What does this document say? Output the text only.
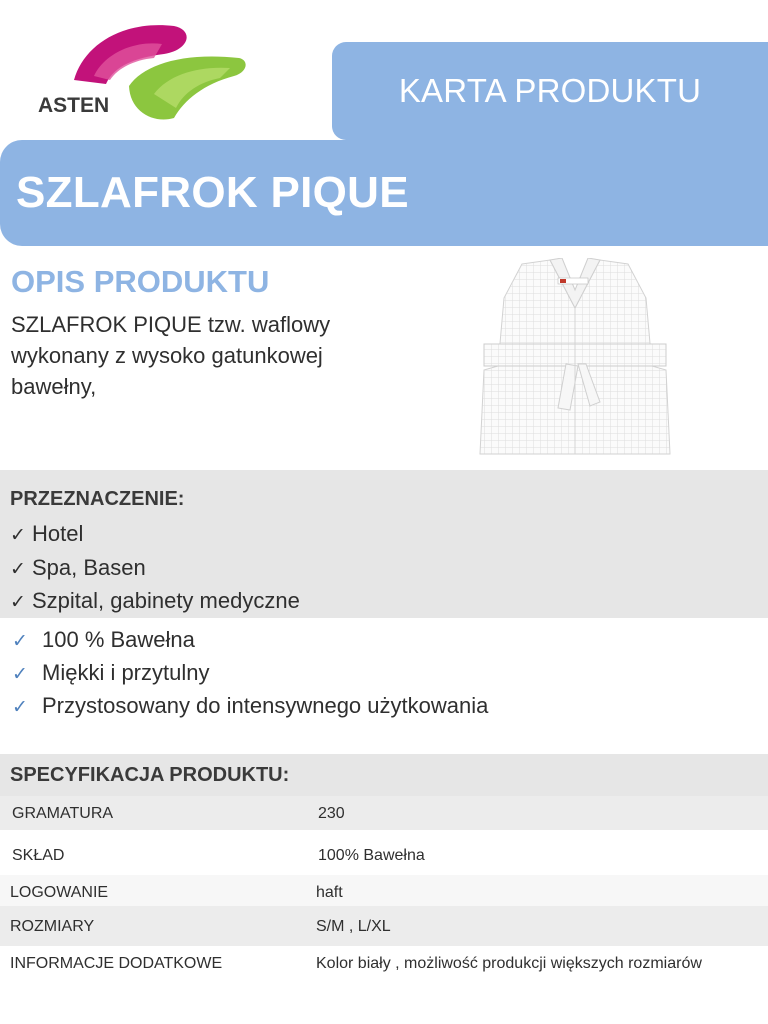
ASTEN	KARTA PRODUKTU
SZLAFROK PIQUE
OPIS PRODUKTU
SZLAFROK PIQUE tzw. waflowy wykonany z wysoko gatunkowej bawełny,
PRZEZNACZENIE:
✓ Hotel
✓ Spa, Basen
✓ Szpital, gabinety medyczne
✓ 100 % Bawełna
✓ Miękki i przytulny
✓ Przystosowany do intensywnego użytkowania
SPECYFIKACJA PRODUKTU:
GRAMATURA	230
SKŁAD	100% Bawełna
LOGOWANIE	haft
ROZMIARY	S/M , L/XL
INFORMACJE DODATKOWE	Kolor biały , możliwość produkcji większych rozmiarów
